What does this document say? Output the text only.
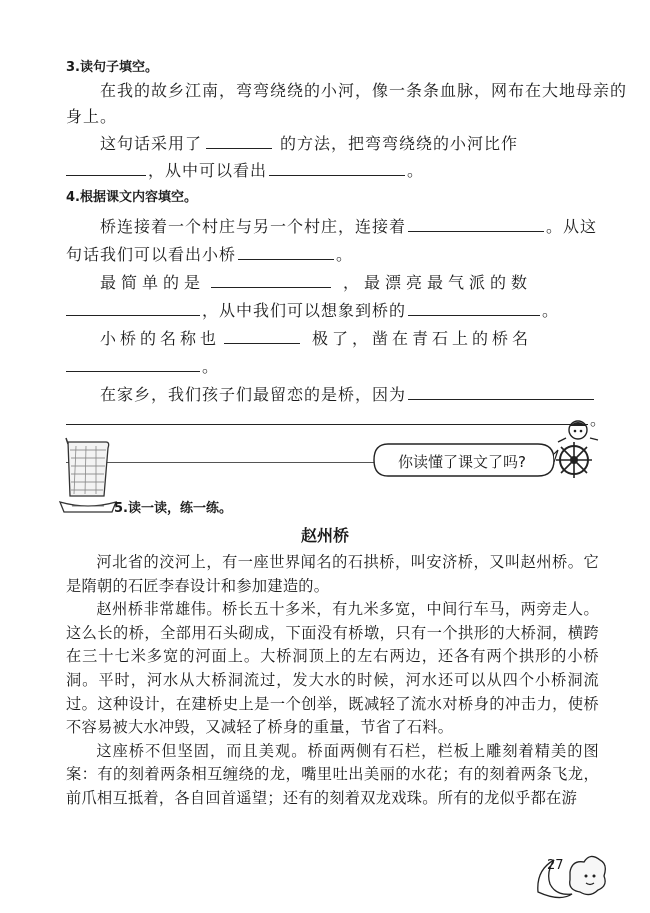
3.读句子填空。
在我的故乡江南，弯弯绕绕的小河，像一条条血脉，网布在大地母亲的
身上。
这句话采用了	的方法，把弯弯绕绕的小河比作
，从中可以看出	。
4.根据课文内容填空。
桥连接着一个村庄与另一个村庄，连接着	。从这
句话我们可以看出小桥	。
最简单的是	，最漂亮最气派的数
，从中我们可以想象到桥的	。
小桥的名称也	极了，凿在青石上的桥名
。
在家乡，我们孩子们最留恋的是桥，因为
。
5.读一读，练一练。
你读懂了课文了吗?
赵州桥

河北省的洨河上，有一座世界闻名的石拱桥，叫安济桥，又叫赵州桥。它是隋朝的石匠李春设计和参加建造的。

赵州桥非常雄伟。桥长五十多米，有九米多宽，中间行车马，两旁走人。这么长的桥，全部用石头砌成，下面没有桥墩，只有一个拱形的大桥洞，横跨在三十七米多宽的河面上。大桥洞顶上的左右两边，还各有两个拱形的小桥洞。平时，河水从大桥洞流过，发大水的时候，河水还可以从四个小桥洞流过。这种设计，在建桥史上是一个创举，既减轻了流水对桥身的冲击力，使桥不容易被大水冲毁，又减轻了桥身的重量，节省了石料。

这座桥不但坚固，而且美观。桥面两侧有石栏，栏板上雕刻着精美的图案：有的刻着两条相互缠绕的龙，嘴里吐出美丽的水花；有的刻着两条飞龙，前爪相互抵着，各自回首遥望；还有的刻着双龙戏珠。所有的龙似乎都在游

27
